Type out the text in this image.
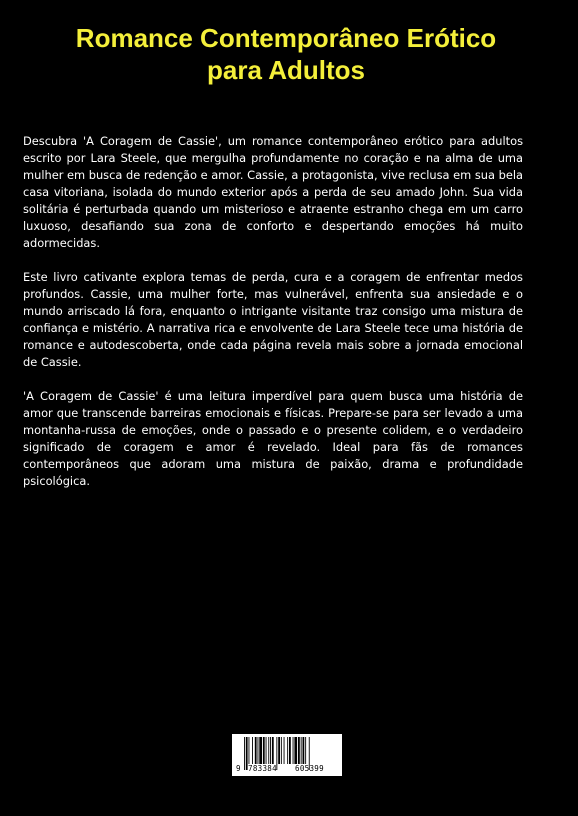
Romance Contemporâneo Erótico
para Adultos

Descubra 'A Coragem de Cassie', um romance contemporâneo erótico para adultos escrito por Lara Steele, que mergulha profundamente no coração e na alma de uma mulher em busca de redenção e amor. Cassie, a protagonista, vive reclusa em sua bela casa vitoriana, isolada do mundo exterior após a perda de seu amado John. Sua vida solitária é perturbada quando um misterioso e atraente estranho chega em um carro luxuoso, desafiando sua zona de conforto e despertando emoções há muito adormecidas.

Este livro cativante explora temas de perda, cura e a coragem de enfrentar medos profundos. Cassie, uma mulher forte, mas vulnerável, enfrenta sua ansiedade e o mundo arriscado lá fora, enquanto o intrigante visitante traz consigo uma mistura de confiança e mistério. A narrativa rica e envolvente de Lara Steele tece uma história de romance e autodescoberta, onde cada página revela mais sobre a jornada emocional de Cassie.

'A Coragem de Cassie' é uma leitura imperdível para quem busca uma história de amor que transcende barreiras emocionais e físicas. Prepare-se para ser levado a uma montanha-russa de emoções, onde o passado e o presente colidem, e o verdadeiro significado de coragem e amor é revelado. Ideal para fãs de romances contemporâneos que adoram uma mistura de paixão, drama e profundidade psicológica.

9 783384 605399
